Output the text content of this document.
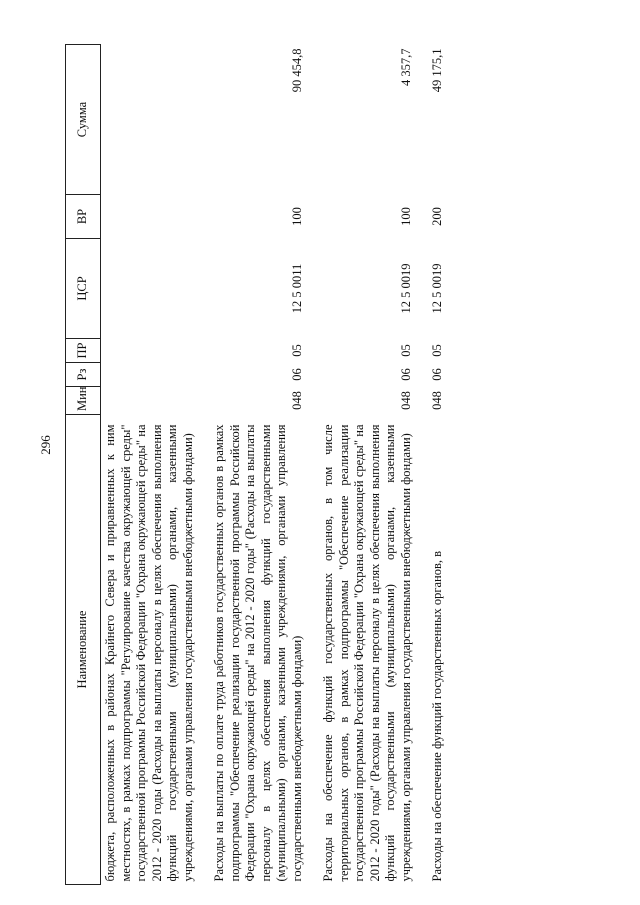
296
Наименование	Мин	Рз	ПР	ЦСР	ВР	Сумма
бюджета, расположенных в районах Крайнего Севера и приравненных к ним местностях, в рамках подпрограммы "Регулирование качества окружающей среды" государственной программы Российской Федерации "Охрана окружающей среды" на 2012 - 2020 годы (Расходы на выплаты персоналу в целях обеспечения выполнения функций государственными (муниципальными) органами, казенными учреждениями, органами управления государственными внебюджетными фондами)						
Расходы на выплаты по оплате труда работников государственных органов в рамках подпрограммы "Обеспечение реализации государственной программы Российской Федерации "Охрана окружающей среды" на 2012 - 2020 годы" (Расходы на выплаты персоналу в целях обеспечения выполнения функций государственными (муниципальными) органами, казенными учреждениями, органами управления государственными внебюджетными фондами)	048	06	05	12 5 0011	100	90 454,8
Расходы на обеспечение функций государственных органов, в том числе территориальных органов, в рамках подпрограммы "Обеспечение реализации государственной программы Российской Федерации "Охрана окружающей среды" на 2012 - 2020 годы" (Расходы на выплаты персоналу в целях обеспечения выполнения функций государственными (муниципальными) органами, казенными учреждениями, органами управления государственными внебюджетными фондами)	048	06	05	12 5 0019	100	4 357,7
Расходы на обеспечение функций государственных органов, в	048	06	05	12 5 0019	200	49 175,1
